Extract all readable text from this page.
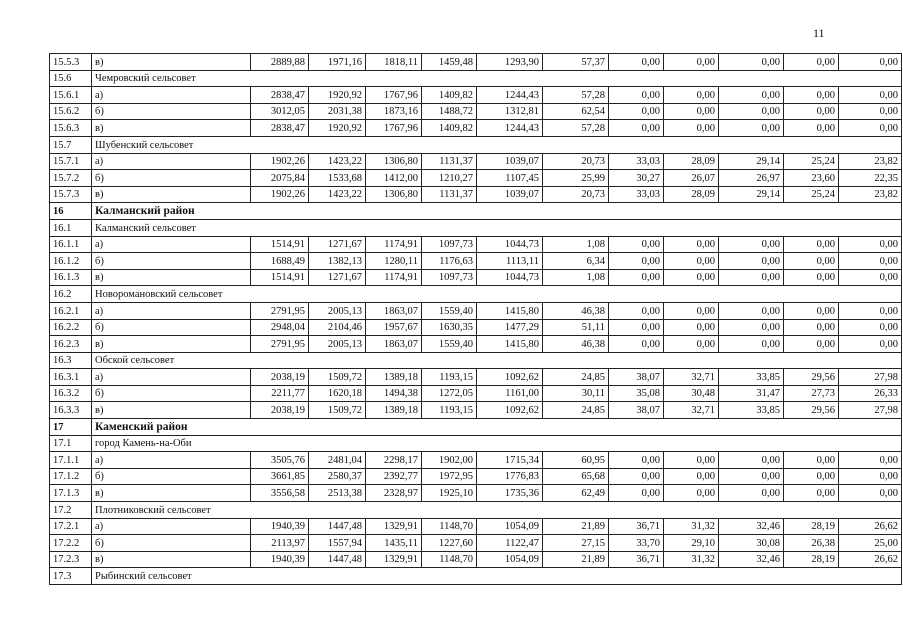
11
15.5.3	в)	2889,88	1971,16	1818,11	1459,48	1293,90	57,37	0,00	0,00	0,00	0,00	0,00
15.6	Чемровский сельсовет											
15.6.1	а)	2838,47	1920,92	1767,96	1409,82	1244,43	57,28	0,00	0,00	0,00	0,00	0,00
15.6.2	б)	3012,05	2031,38	1873,16	1488,72	1312,81	62,54	0,00	0,00	0,00	0,00	0,00
15.6.3	в)	2838,47	1920,92	1767,96	1409,82	1244,43	57,28	0,00	0,00	0,00	0,00	0,00
15.7	Шубенский сельсовет											
15.7.1	а)	1902,26	1423,22	1306,80	1131,37	1039,07	20,73	33,03	28,09	29,14	25,24	23,82
15.7.2	б)	2075,84	1533,68	1412,00	1210,27	1107,45	25,99	30,27	26,07	26,97	23,60	22,35
15.7.3	в)	1902,26	1423,22	1306,80	1131,37	1039,07	20,73	33,03	28,09	29,14	25,24	23,82
16	Калманский район											
16.1	Калманский сельсовет											
16.1.1	а)	1514,91	1271,67	1174,91	1097,73	1044,73	1,08	0,00	0,00	0,00	0,00	0,00
16.1.2	б)	1688,49	1382,13	1280,11	1176,63	1113,11	6,34	0,00	0,00	0,00	0,00	0,00
16.1.3	в)	1514,91	1271,67	1174,91	1097,73	1044,73	1,08	0,00	0,00	0,00	0,00	0,00
16.2	Новоромановский сельсовет											
16.2.1	а)	2791,95	2005,13	1863,07	1559,40	1415,80	46,38	0,00	0,00	0,00	0,00	0,00
16.2.2	б)	2948,04	2104,46	1957,67	1630,35	1477,29	51,11	0,00	0,00	0,00	0,00	0,00
16.2.3	в)	2791,95	2005,13	1863,07	1559,40	1415,80	46,38	0,00	0,00	0,00	0,00	0,00
16.3	Обской сельсовет											
16.3.1	а)	2038,19	1509,72	1389,18	1193,15	1092,62	24,85	38,07	32,71	33,85	29,56	27,98
16.3.2	б)	2211,77	1620,18	1494,38	1272,05	1161,00	30,11	35,08	30,48	31,47	27,73	26,33
16.3.3	в)	2038,19	1509,72	1389,18	1193,15	1092,62	24,85	38,07	32,71	33,85	29,56	27,98
17	Каменский район											
17.1	город Камень-на-Оби											
17.1.1	а)	3505,76	2481,04	2298,17	1902,00	1715,34	60,95	0,00	0,00	0,00	0,00	0,00
17.1.2	б)	3661,85	2580,37	2392,77	1972,95	1776,83	65,68	0,00	0,00	0,00	0,00	0,00
17.1.3	в)	3556,58	2513,38	2328,97	1925,10	1735,36	62,49	0,00	0,00	0,00	0,00	0,00
17.2	Плотниковский сельсовет											
17.2.1	а)	1940,39	1447,48	1329,91	1148,70	1054,09	21,89	36,71	31,32	32,46	28,19	26,62
17.2.2	б)	2113,97	1557,94	1435,11	1227,60	1122,47	27,15	33,70	29,10	30,08	26,38	25,00
17.2.3	в)	1940,39	1447,48	1329,91	1148,70	1054,09	21,89	36,71	31,32	32,46	28,19	26,62
17.3	Рыбинский сельсовет											
